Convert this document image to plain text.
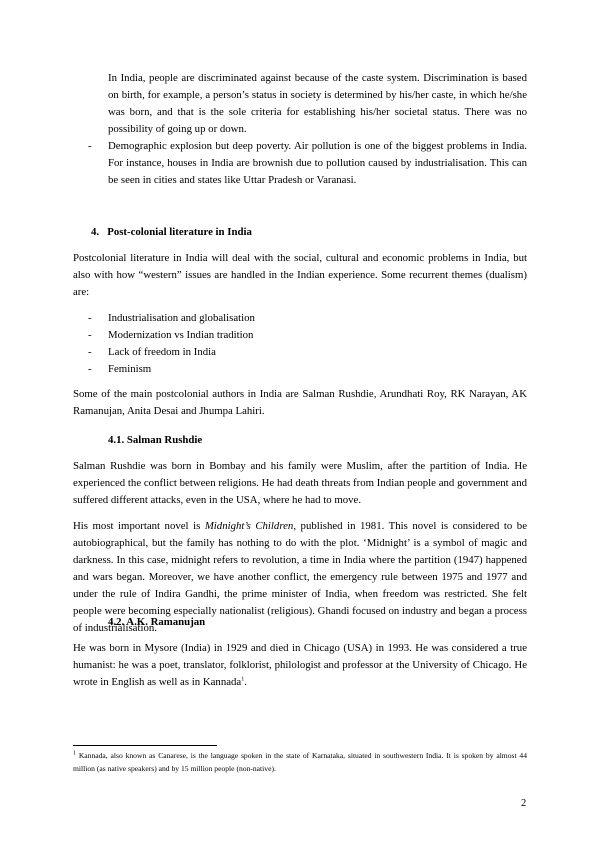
In India, people are discriminated against because of the caste system. Discrimination is based on birth, for example, a person’s status in society is determined by his/her caste, in which he/she was born, and that is the sole criteria for establishing his/her societal status. There was no possibility of going up or down.

- Demographic explosion but deep poverty. Air pollution is one of the biggest problems in India. For instance, houses in India are brownish due to pollution caused by industrialisation. This can be seen in cities and states like Uttar Pradesh or Varanasi.

4. Post-colonial literature in India

Postcolonial literature in India will deal with the social, cultural and economic problems in India, but also with how “western” issues are handled in the Indian experience. Some recurrent themes (dualism) are:

- Industrialisation and globalisation
- Modernization vs Indian tradition
- Lack of freedom in India
- Feminism

Some of the main postcolonial authors in India are Salman Rushdie, Arundhati Roy, RK Narayan, AK Ramanujan, Anita Desai and Jhumpa Lahiri.

4.1. Salman Rushdie

Salman Rushdie was born in Bombay and his family were Muslim, after the partition of India. He experienced the conflict between religions. He had death threats from Indian people and government and suffered different attacks, even in the USA, where he had to move.

His most important novel is Midnight’s Children, published in 1981. This novel is considered to be autobiographical, but the family has nothing to do with the plot. ‘Midnight’ is a symbol of magic and darkness. In this case, midnight refers to revolution, a time in India where the partition (1947) happened and wars began. Moreover, we have another conflict, the emergency rule between 1975 and 1977 and under the rule of Indira Gandhi, the prime minister of India, when freedom was restricted. She felt people were becoming especially nationalist (religious). Ghandi focused on industry and began a process of industrialisation.

4.2. A.K. Ramanujan

He was born in Mysore (India) in 1929 and died in Chicago (USA) in 1993. He was considered a true humanist: he was a poet, translator, folklorist, philologist and professor at the University of Chicago. He wrote in English as well as in Kannada$^1$.

$^1$ Kannada, also known as Canarese, is the language spoken in the state of Karnataka, situated in southwestern India. It is spoken by almost 44 million (as native speakers) and by 15 million people (non-native).
2
